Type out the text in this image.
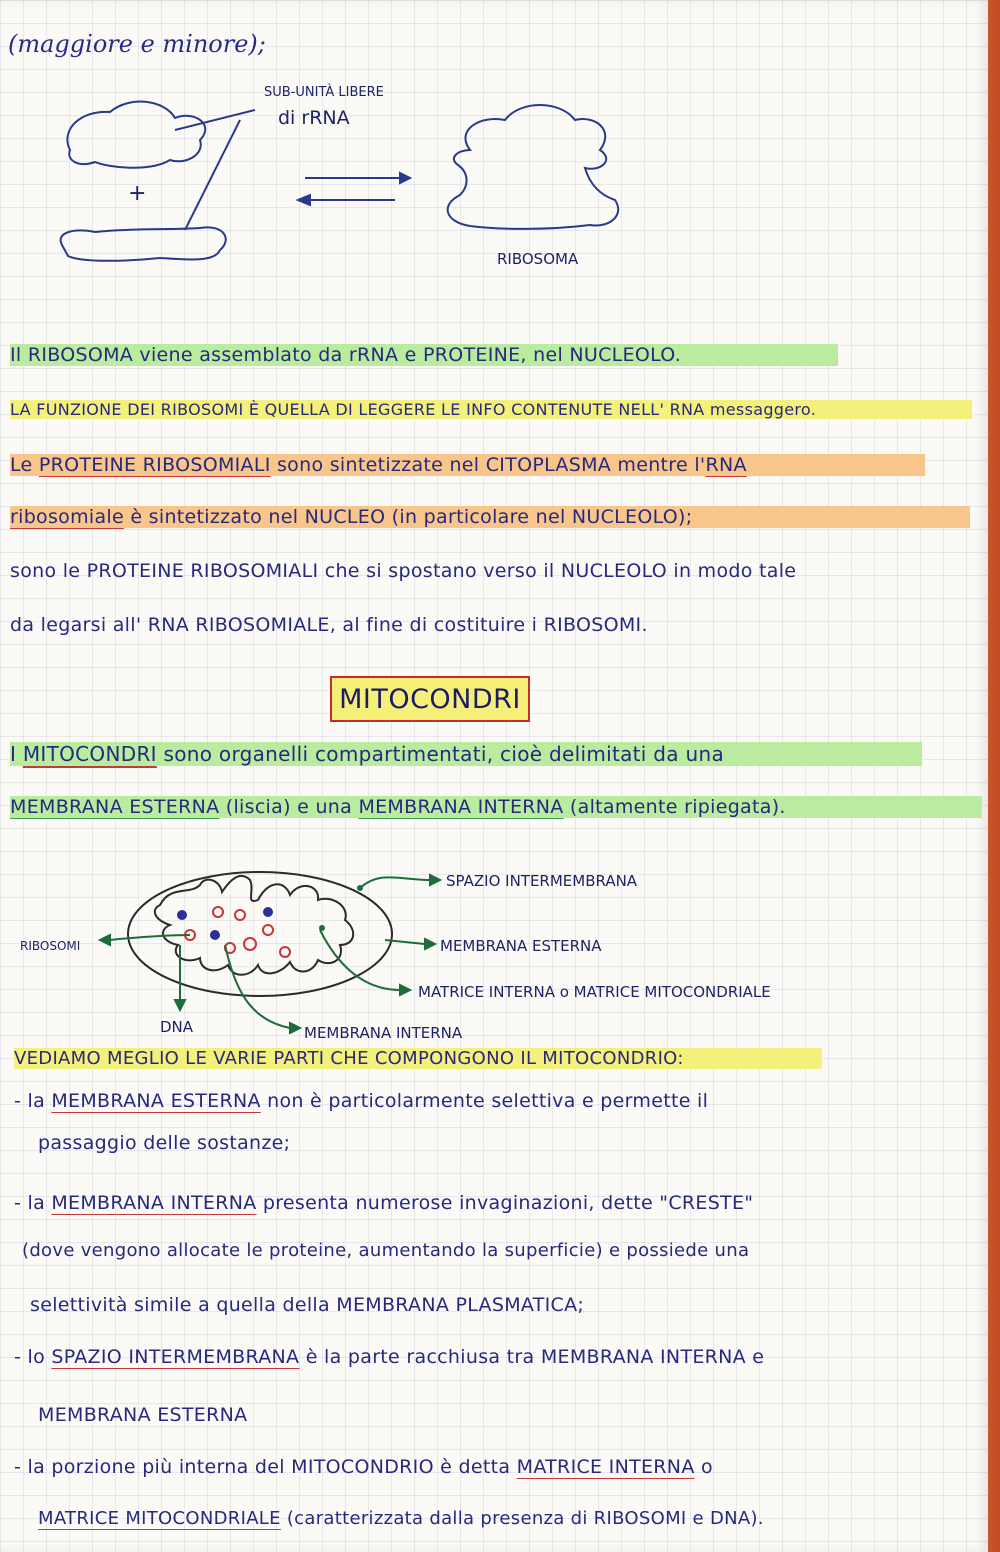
(maggiore e minore);
SUB-UNITÀ LIBERE
di rRNA
+
RIBOSOMA
Il RIBOSOMA viene assemblato da rRNA e PROTEINE, nel NUCLEOLO.
LA FUNZIONE DEI RIBOSOMI È QUELLA DI LEGGERE LE INFO CONTENUTE NELL' RNA messaggero.
Le PROTEINE RIBOSOMIALI sono sintetizzate nel CITOPLASMA mentre l'RNA
ribosomiale è sintetizzato nel NUCLEO (in particolare nel NUCLEOLO);
sono le PROTEINE RIBOSOMIALI che si spostano verso il NUCLEOLO in modo tale
da legarsi all' RNA RIBOSOMIALE, al fine di costituire i RIBOSOMI.
MITOCONDRI
I MITOCONDRI sono organelli compartimentati, cioè delimitati da una
MEMBRANA ESTERNA (liscia) e una MEMBRANA INTERNA (altamente ripiegata).
SPAZIO INTERMEMBRANA
MEMBRANA ESTERNA
MATRICE INTERNA o MATRICE MITOCONDRIALE
RIBOSOMI
DNA	MEMBRANA INTERNA
VEDIAMO MEGLIO LE VARIE PARTI CHE COMPONGONO IL MITOCONDRIO:
- la MEMBRANA ESTERNA non è particolarmente selettiva e permette il
passaggio delle sostanze;
- la MEMBRANA INTERNA presenta numerose invaginazioni, dette "CRESTE"
(dove vengono allocate le proteine, aumentando la superficie) e possiede una
selettività simile a quella della MEMBRANA PLASMATICA;
- lo SPAZIO INTERMEMBRANA è la parte racchiusa tra MEMBRANA INTERNA e
MEMBRANA ESTERNA
- la porzione più interna del MITOCONDRIO è detta MATRICE INTERNA o
MATRICE MITOCONDRIALE (caratterizzata dalla presenza di RIBOSOMI e DNA).
